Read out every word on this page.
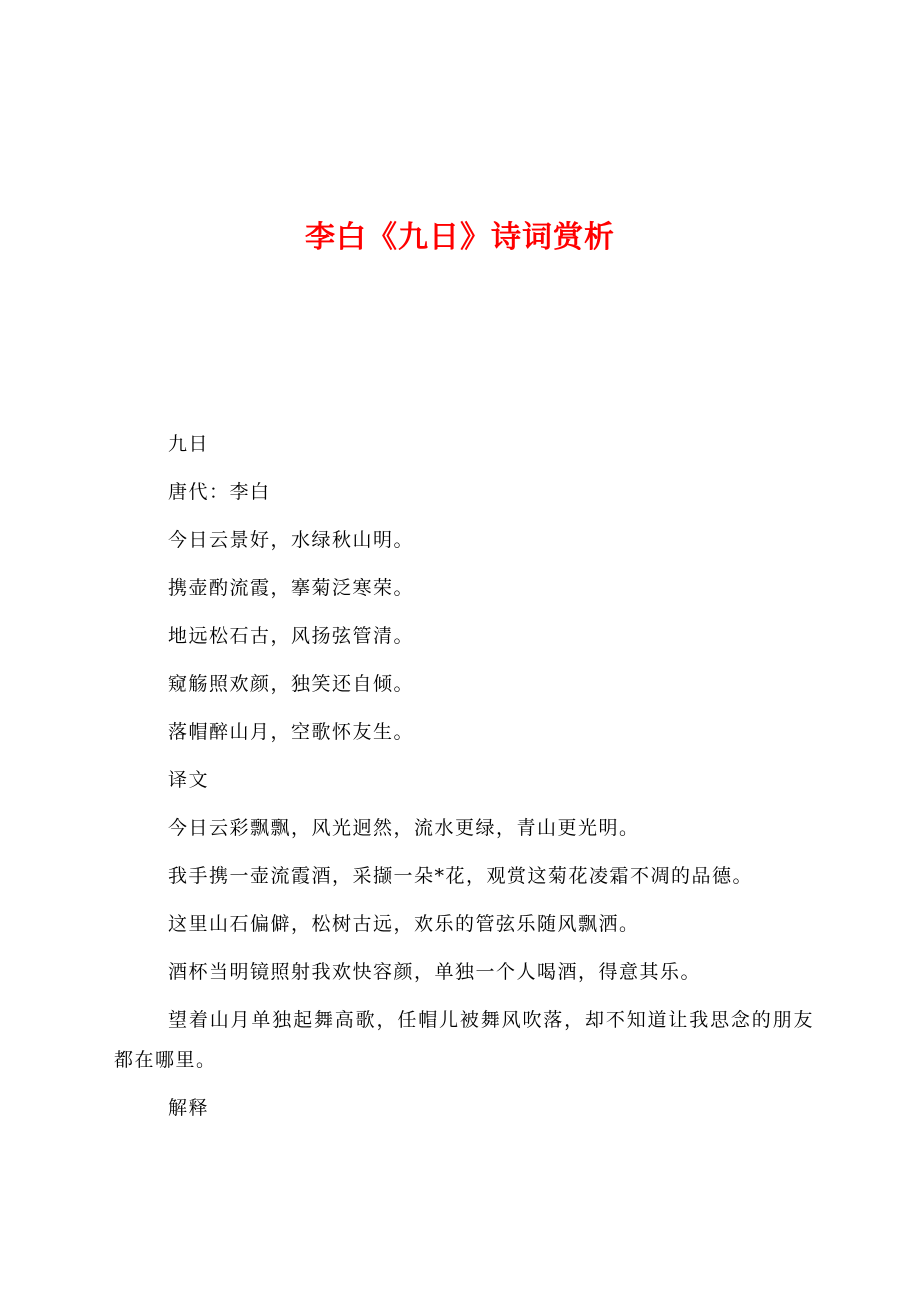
李白《九日》诗词赏析

九日

唐代：李白

今日云景好，水绿秋山明。

携壶酌流霞，搴菊泛寒荣。

地远松石古，风扬弦管清。

窥觞照欢颜，独笑还自倾。

落帽醉山月，空歌怀友生。

译文

今日云彩飘飘，风光迥然，流水更绿，青山更光明。

我手携一壶流霞酒，采撷一朵*花，观赏这菊花凌霜不凋的品德。

这里山石偏僻，松树古远，欢乐的管弦乐随风飘洒。

酒杯当明镜照射我欢快容颜，单独一个人喝酒，得意其乐。

望着山月单独起舞高歌，任帽儿被舞风吹落，却不知道让我思念的朋友都在哪里。

解释
